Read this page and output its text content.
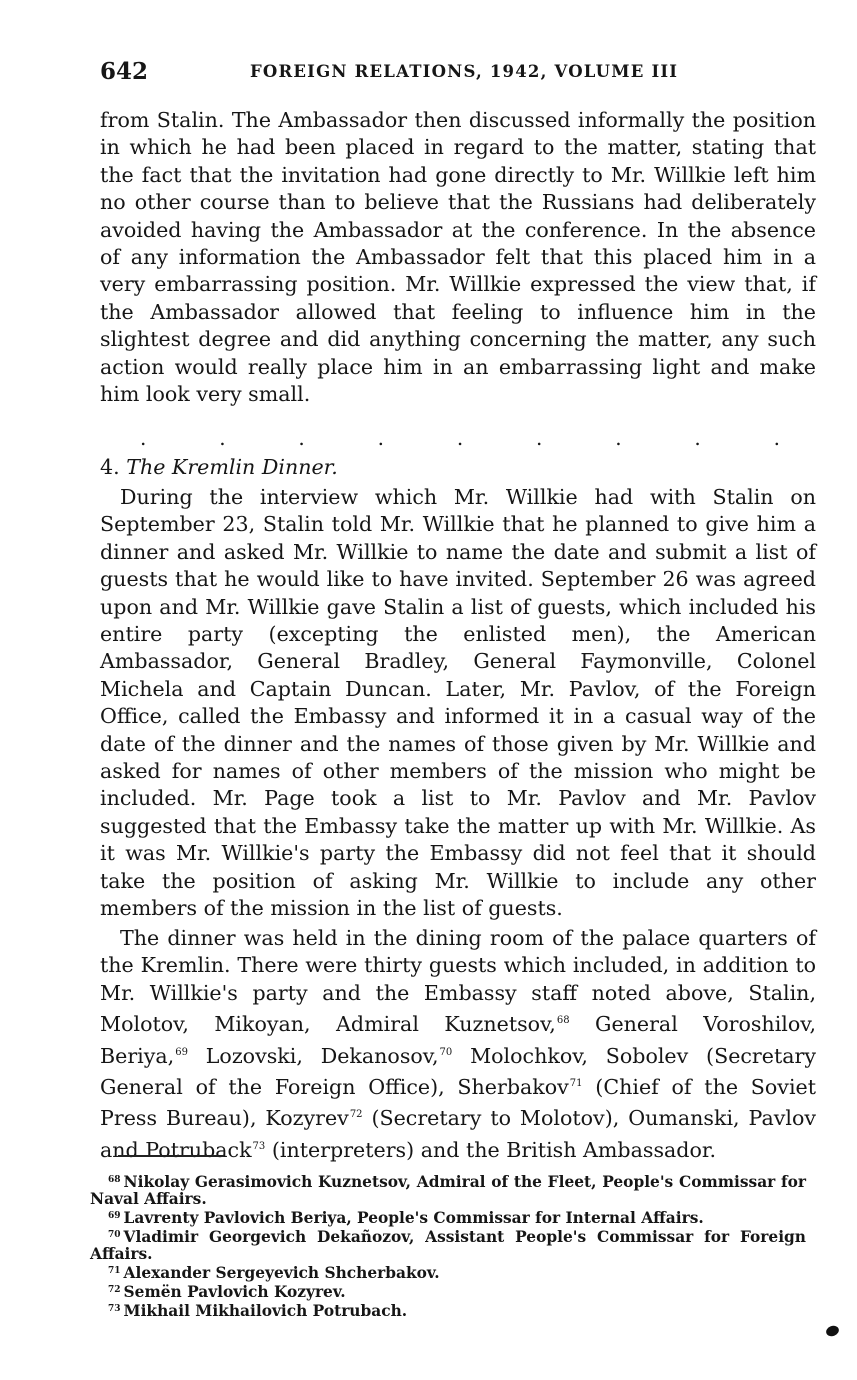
642	FOREIGN RELATIONS, 1942, VOLUME III
from Stalin. The Ambassador then discussed informally the position in which he had been placed in regard to the matter, stating that the fact that the invitation had gone directly to Mr. Willkie left him no other course than to believe that the Russians had deliberately avoided having the Ambassador at the conference. In the absence of any information the Ambassador felt that this placed him in a very embarrassing position. Mr. Willkie expressed the view that, if the Ambassador allowed that feeling to influence him in the slightest degree and did anything concerning the matter, any such action would really place him in an embarrassing light and make him look very small.
.	.	.	.	.	.	.	.	.
4. The Kremlin Dinner.
During the interview which Mr. Willkie had with Stalin on September 23, Stalin told Mr. Willkie that he planned to give him a dinner and asked Mr. Willkie to name the date and submit a list of guests that he would like to have invited. September 26 was agreed upon and Mr. Willkie gave Stalin a list of guests, which included his entire party (excepting the enlisted men), the American Ambassador, General Bradley, General Faymonville, Colonel Michela and Captain Duncan. Later, Mr. Pavlov, of the Foreign Office, called the Embassy and informed it in a casual way of the date of the dinner and the names of those given by Mr. Willkie and asked for names of other members of the mission who might be included. Mr. Page took a list to Mr. Pavlov and Mr. Pavlov suggested that the Embassy take the matter up with Mr. Willkie. As it was Mr. Willkie's party the Embassy did not feel that it should take the position of asking Mr. Willkie to include any other members of the mission in the list of guests.
The dinner was held in the dining room of the palace quarters of the Kremlin. There were thirty guests which included, in addition to Mr. Willkie's party and the Embassy staff noted above, Stalin, Molotov, Mikoyan, Admiral Kuznetsov,$^{68}$ General Voroshilov, Beriya,$^{69}$ Lozovski, Dekanosov,$^{70}$ Molochkov, Sobolev (Secretary General of the Foreign Office), Sherbakov$^{71}$ (Chief of the Soviet Press Bureau), Kozyrev$^{72}$ (Secretary to Molotov), Oumanski, Pavlov and Potruback$^{73}$ (interpreters) and the British Ambassador.

$^{68}$ Nikolay Gerasimovich Kuznetsov, Admiral of the Fleet, People's Commissar for Naval Affairs.

$^{69}$ Lavrenty Pavlovich Beriya, People's Commissar for Internal Affairs.

$^{70}$ Vladimir Georgevich Dekañozov, Assistant People's Commissar for Foreign Affairs.

$^{71}$ Alexander Sergeyevich Shcherbakov.

$^{72}$ Semën Pavlovich Kozyrev.

$^{73}$ Mikhail Mikhailovich Potrubach.
